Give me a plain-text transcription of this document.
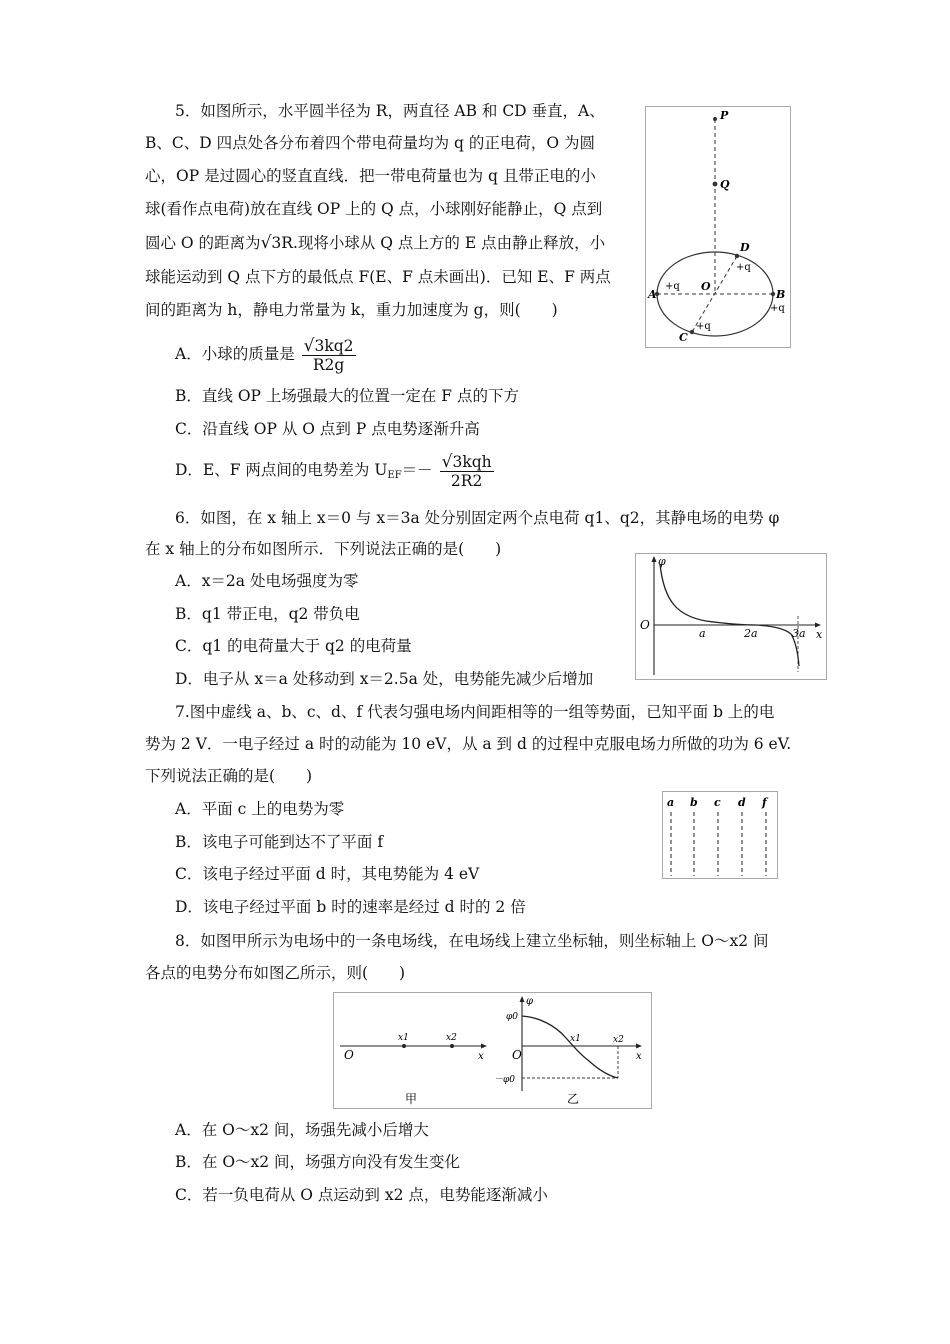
5．如图所示，水平圆半径为 R，两直径 AB 和 CD 垂直，A、
B、C、D 四点处各分布着四个带电荷量均为 q 的正电荷，O 为圆
心，OP 是过圆心的竖直直线．把一带电荷量也为 q 且带正电的小
球(看作点电荷)放在直线 OP 上的 Q 点，小球刚好能静止，Q 点到
圆心 O 的距离为√3R.现将小球从 Q 点上方的 E 点由静止释放，小
球能运动到 Q 点下方的最低点 F(E、F 点未画出)．已知 E、F 两点
间的距离为 h，静电力常量为 k，重力加速度为 g，则(　　)
A．小球的质量是 $\frac{√3kq2}{R2g}$
B．直线 OP 上场强最大的位置一定在 F 点的下方
C．沿直线 OP 从 O 点到 P 点电势逐渐升高
D．E、F 两点间的电势差为 $U_{EF}=- \frac{\text{√3kqh}}{2R2}$
P
Q
D
+q
A
+q
B
+q
C
+q
O
6．如图，在 x 轴上 x＝0 与 x＝3a 处分别固定两个点电荷 q1、q2，其静电场的电势 φ
在 x 轴上的分布如图所示．下列说法正确的是(　　)
A．x＝2a 处电场强度为零
B．q1 带正电，q2 带负电
C．q1 的电荷量大于 q2 的电荷量
D．电子从 x＝a 处移动到 x＝2.5a 处，电势能先减少后增加
φ
x
O
a	2a	3a
7.图中虚线 a、b、c、d、f 代表匀强电场内间距相等的一组等势面，已知平面 b 上的电
势为 2 V．一电子经过 a 时的动能为 10 eV，从 a 到 d 的过程中克服电场力所做的功为 6 eV.
下列说法正确的是(　　)
A．平面 c 上的电势为零
B．该电子可能到达不了平面 f
C．该电子经过平面 d 时，其电势能为 4 eV
D．该电子经过平面 b 时的速率是经过 d 时的 2 倍
a b c d f
8．如图甲所示为电场中的一条电场线，在电场线上建立坐标轴，则坐标轴上 O～x2 间
各点的电势分布如图乙所示，则(　　)
x
O
x1	x2
甲
φ
x
O
φ0
－φ0
x1	x2
乙
A．在 O～x2 间，场强先减小后增大
B．在 O～x2 间，场强方向没有发生变化
C．若一负电荷从 O 点运动到 x2 点，电势能逐渐减小
